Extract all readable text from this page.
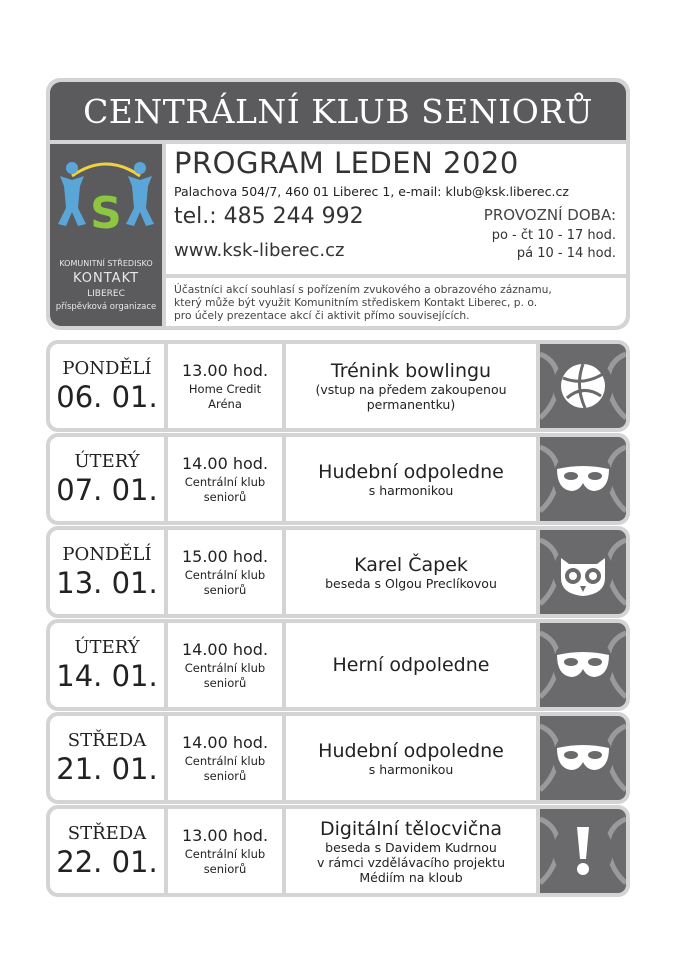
CENTRÁLNÍ KLUB SENIORŮ
S
KOMUNITNÍ STŘEDISKO
KONTAKT
LIBEREC
příspěvková organizace
PROGRAM LEDEN 2020
Palachova 504/7, 460 01 Liberec 1, e-mail: klub@ksk.liberec.cz
tel.: 485 244 992
www.ksk-liberec.cz
PROVOZNÍ DOBA:
po - čt 10 - 17 hod.
pá 10 - 14 hod.
Účastníci akcí souhlasí s pořízením zvukového a obrazového záznamu,
který může být využit Komunitním střediskem Kontakt Liberec, p. o.
pro účely prezentace akcí či aktivit přímo souvisejících.
PONDĚLÍ
06. 01.
13.00 hod.
Home Credit
Aréna
Trénink bowlingu
(vstup na předem zakoupenou
permanentku)
ÚTERÝ
07. 01.
14.00 hod.
Centrální klub
seniorů
Hudební odpoledne
s harmonikou
PONDĚLÍ
13. 01.
15.00 hod.
Centrální klub
seniorů
Karel Čapek
beseda s Olgou Preclíkovou
ÚTERÝ
14. 01.
14.00 hod.
Centrální klub
seniorů
Herní odpoledne
STŘEDA
21. 01.
14.00 hod.
Centrální klub
seniorů
Hudební odpoledne
s harmonikou
STŘEDA
22. 01.
13.00 hod.
Centrální klub
seniorů
Digitální tělocvična
beseda s Davidem Kudrnou
v rámci vzdělávacího projektu
Médiím na kloub
